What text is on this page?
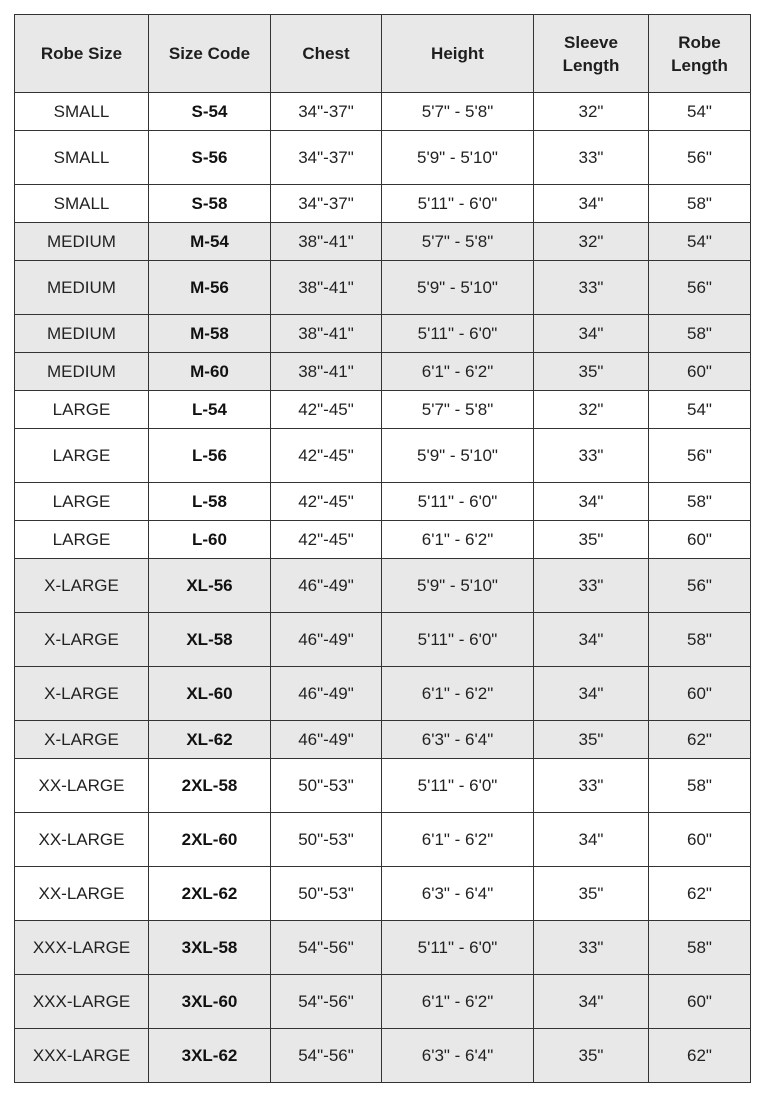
Robe Size	Size Code	Chest	Height	Sleeve Length	Robe Length
SMALL	S-54	34"-37"	5'7" - 5'8"	32"	54"
SMALL	S-56	34"-37"	5'9" - 5'10"	33"	56"
SMALL	S-58	34"-37"	5'11" - 6'0"	34"	58"
MEDIUM	M-54	38"-41"	5'7" - 5'8"	32"	54"
MEDIUM	M-56	38"-41"	5'9" - 5'10"	33"	56"
MEDIUM	M-58	38"-41"	5'11" - 6'0"	34"	58"
MEDIUM	M-60	38"-41"	6'1" - 6'2"	35"	60"
LARGE	L-54	42"-45"	5'7" - 5'8"	32"	54"
LARGE	L-56	42"-45"	5'9" - 5'10"	33"	56"
LARGE	L-58	42"-45"	5'11" - 6'0"	34"	58"
LARGE	L-60	42"-45"	6'1" - 6'2"	35"	60"
X-LARGE	XL-56	46"-49"	5'9" - 5'10"	33"	56"
X-LARGE	XL-58	46"-49"	5'11" - 6'0"	34"	58"
X-LARGE	XL-60	46"-49"	6'1" - 6'2"	34"	60"
X-LARGE	XL-62	46"-49"	6'3" - 6'4"	35"	62"
XX-LARGE	2XL-58	50"-53"	5'11" - 6'0"	33"	58"
XX-LARGE	2XL-60	50"-53"	6'1" - 6'2"	34"	60"
XX-LARGE	2XL-62	50"-53"	6'3" - 6'4"	35"	62"
XXX-LARGE	3XL-58	54"-56"	5'11" - 6'0"	33"	58"
XXX-LARGE	3XL-60	54"-56"	6'1" - 6'2"	34"	60"
XXX-LARGE	3XL-62	54"-56"	6'3" - 6'4"	35"	62"
